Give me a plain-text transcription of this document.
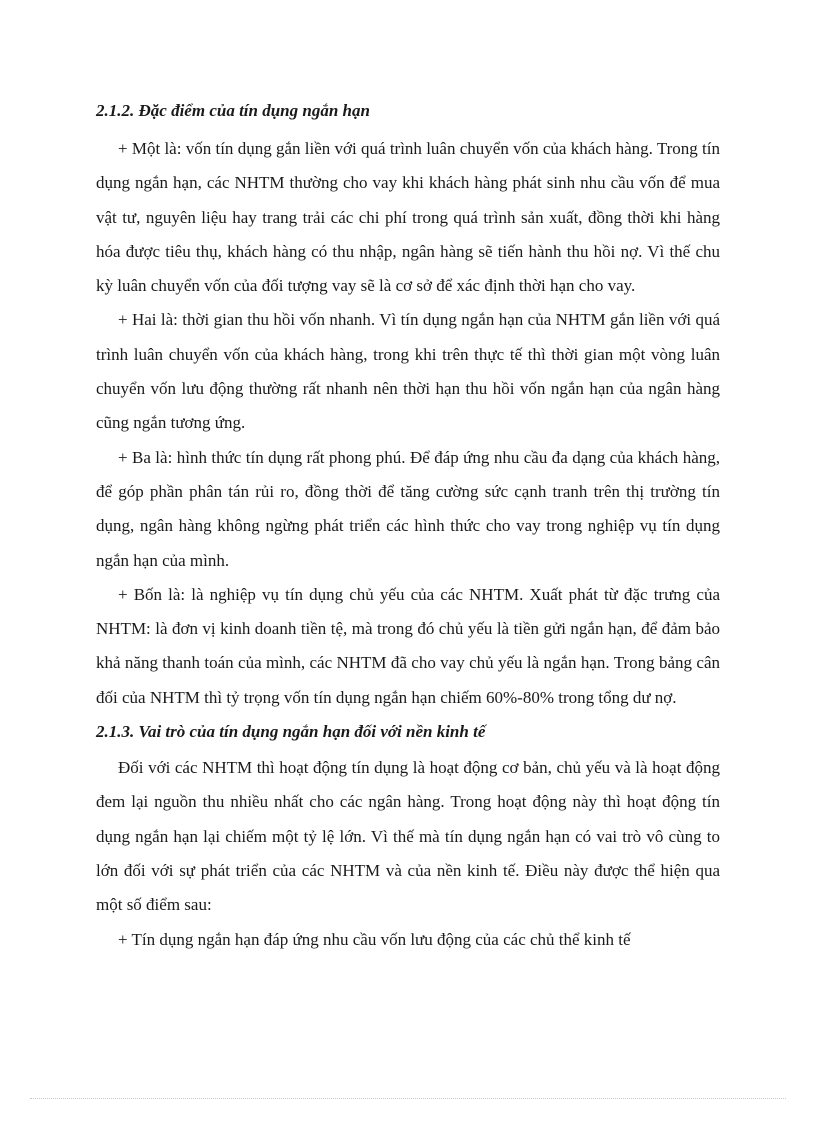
2.1.2. Đặc điểm của tín dụng ngắn hạn

+ Một là: vốn tín dụng gắn liền với quá trình luân chuyển vốn của khách hàng. Trong tín dụng ngắn hạn, các NHTM thường cho vay khi khách hàng phát sinh nhu cầu vốn để mua vật tư, nguyên liệu hay trang trải các chi phí trong quá trình sản xuất, đồng thời khi hàng hóa được tiêu thụ, khách hàng có thu nhập, ngân hàng sẽ tiến hành thu hồi nợ. Vì thế chu kỳ luân chuyển vốn của đối tượng vay sẽ là cơ sở để xác định thời hạn cho vay.

+ Hai là: thời gian thu hồi vốn nhanh. Vì tín dụng ngắn hạn của NHTM gắn liền với quá trình luân chuyển vốn của khách hàng, trong khi trên thực tế thì thời gian một vòng luân chuyển vốn lưu động thường rất nhanh nên thời hạn thu hồi vốn ngắn hạn của ngân hàng cũng ngắn tương ứng.

+ Ba là: hình thức tín dụng rất phong phú. Để đáp ứng nhu cầu đa dạng của khách hàng, để góp phần phân tán rủi ro, đồng thời để tăng cường sức cạnh tranh trên thị trường tín dụng, ngân hàng không ngừng phát triển các hình thức cho vay trong nghiệp vụ tín dụng ngắn hạn của mình.

+ Bốn là: là nghiệp vụ tín dụng chủ yếu của các NHTM. Xuất phát từ đặc trưng của NHTM: là đơn vị kinh doanh tiền tệ, mà trong đó chủ yếu là tiền gửi ngắn hạn, để đảm bảo khả năng thanh toán của mình, các NHTM đã cho vay chủ yếu là ngắn hạn. Trong bảng cân đối của NHTM thì tỷ trọng vốn tín dụng ngắn hạn chiếm 60%-80% trong tổng dư nợ.

2.1.3. Vai trò của tín dụng ngắn hạn đối với nền kinh tế

Đối với các NHTM thì hoạt động tín dụng là hoạt động cơ bản, chủ yếu và là hoạt động đem lại nguồn thu nhiều nhất cho các ngân hàng. Trong hoạt động này thì hoạt động tín dụng ngắn hạn lại chiếm một tỷ lệ lớn. Vì thế mà tín dụng ngắn hạn có vai trò vô cùng to lớn đối với sự phát triển của các NHTM và của nền kinh tế. Điều này được thể hiện qua một số điểm sau:

+ Tín dụng ngắn hạn đáp ứng nhu cầu vốn lưu động của các chủ thể kinh tế
